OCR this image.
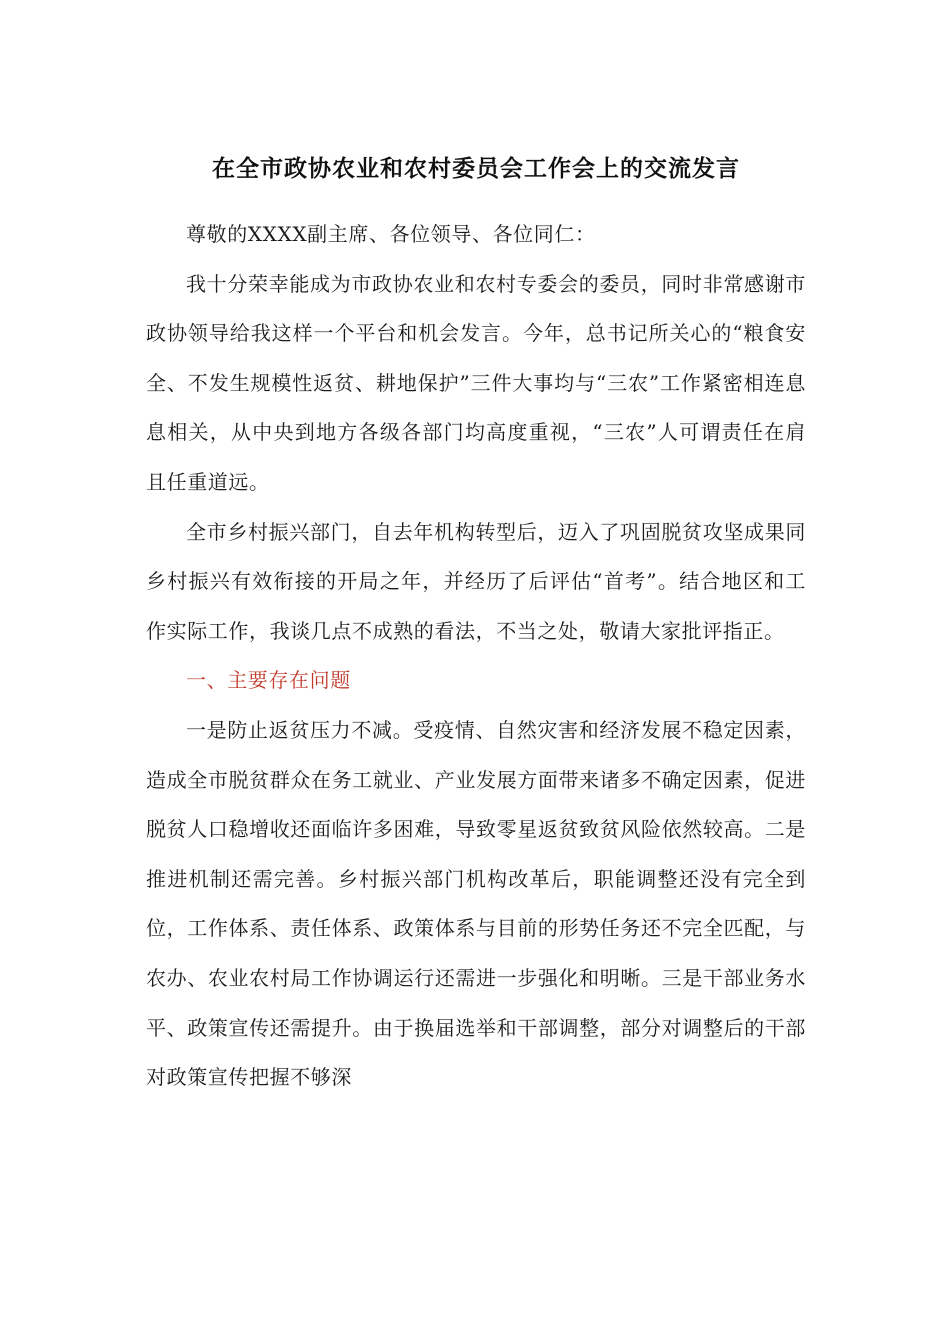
在全市政协农业和农村委员会工作会上的交流发言

尊敬的XXXX副主席、各位领导、各位同仁：

我十分荣幸能成为市政协农业和农村专委会的委员，同时非常感谢市政协领导给我这样一个平台和机会发言。今年，总书记所关心的“粮食安全、不发生规模性返贫、耕地保护”三件大事均与“三农”工作紧密相连息息相关，从中央到地方各级各部门均高度重视，“三农”人可谓责任在肩且任重道远。

全市乡村振兴部门，自去年机构转型后，迈入了巩固脱贫攻坚成果同乡村振兴有效衔接的开局之年，并经历了后评估“首考”。结合地区和工作实际工作，我谈几点不成熟的看法，不当之处，敬请大家批评指正。

一、主要存在问题

一是防止返贫压力不减。受疫情、自然灾害和经济发展不稳定因素，造成全市脱贫群众在务工就业、产业发展方面带来诸多不确定因素，促进脱贫人口稳增收还面临许多困难，导致零星返贫致贫风险依然较高。二是推进机制还需完善。乡村振兴部门机构改革后，职能调整还没有完全到位，工作体系、责任体系、政策体系与目前的形势任务还不完全匹配，与农办、农业农村局工作协调运行还需进一步强化和明晰。三是干部业务水平、政策宣传还需提升。由于换届选举和干部调整，部分对调整后的干部对政策宣传把握不够深
